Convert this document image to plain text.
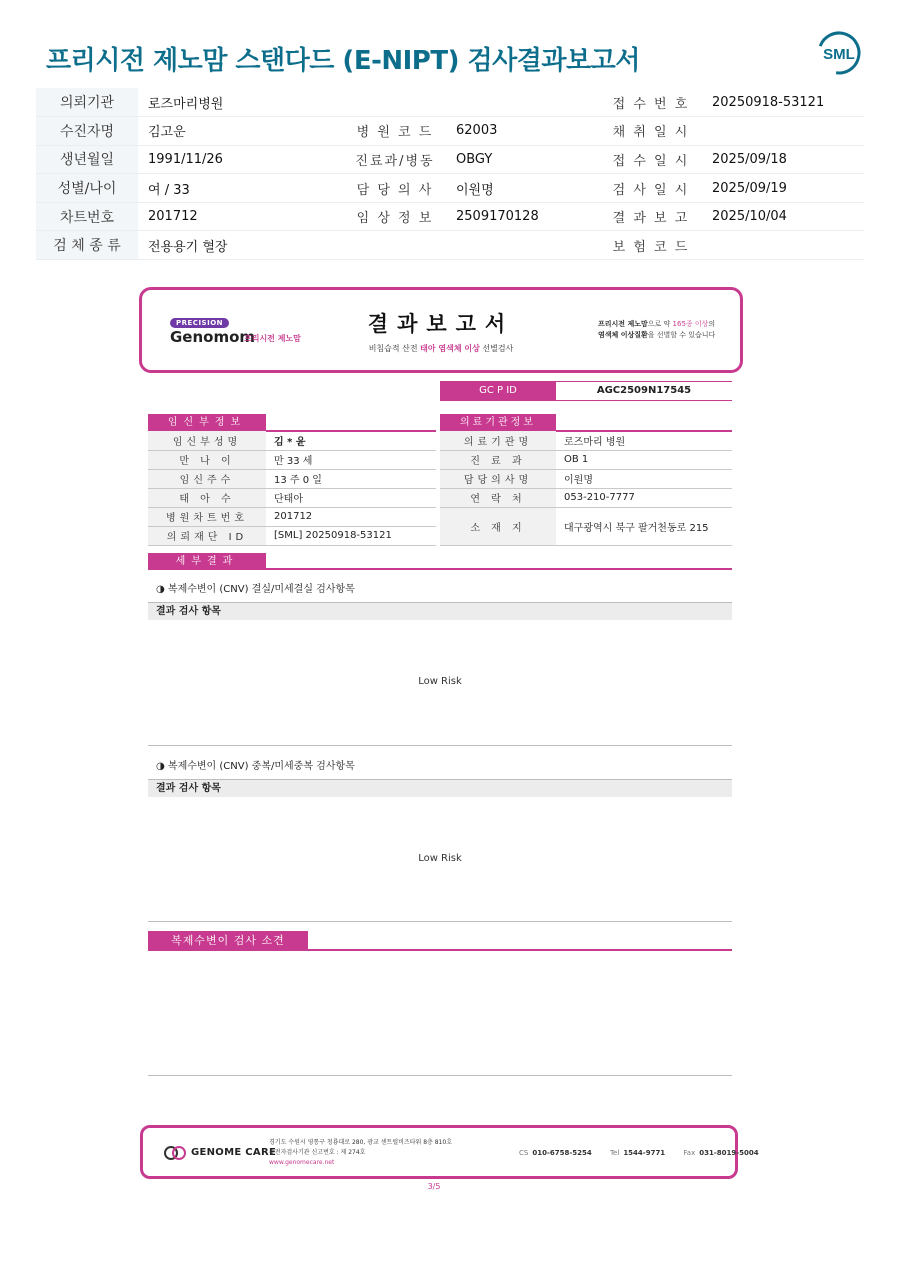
프리시전 제노맘 스탠다드 (E-NIPT) 검사결과보고서	SML
의뢰기관	로즈마리병원			접 수 번 호	20250918-53121
수진자명	김고운	병 원 코 드	62003	채 취 일 시	
생년월일	1991/11/26	진료과/병동	OBGY	접 수 일 시	2025/09/18
성별/나이	여 / 33	담 당 의 사	이원명	검 사 일 시	2025/09/19
차트번호	201712	임 상 정 보	2509170128	결 과 보 고	2025/10/04
검 체 종 류	전용용기 혈장			보 험 코 드	
PRECISION
Genomom
프리시전 제노맘
결과보고서
비침습적 산전 태아 염색체 이상 선별검사
프리시전 제노맘으로 약 165종 이상의
염색체 이상질환을 선별할 수 있습니다
GC P ID	AGC2509N17545
임신부정보
임신부성명	김 * 윤
만 나 이	만 33 세
임신주수	13 주 0 일
태 아 수	단태아
병원차트번호	201712
의뢰재단 ID	[SML] 20250918-53121
의료기관정보
의료기관명	로즈마리 병원
진 료 과	OB 1
담당의사명	이원명
연 락 처	053-210-7777
소 재 지	대구광역시 북구 팔거천동로 215
세부결과
◑ 복제수변이 (CNV) 결실/미세결실 검사항목
결과 검사 항목
Low Risk
◑ 복제수변이 (CNV) 중복/미세중복 검사항목
결과 검사 항목
Low Risk
복제수변이 검사 소견
GENOME CARE
경기도 수원시 영통구 청룡대로 280, 광교 센트럴비즈타워 8층 810호
유전자검사기관 신고번호 : 제 274호
www.genomecare.net
CS 010-6758-5254	Tel 1544-9771	Fax 031-8019-5004
3/5
